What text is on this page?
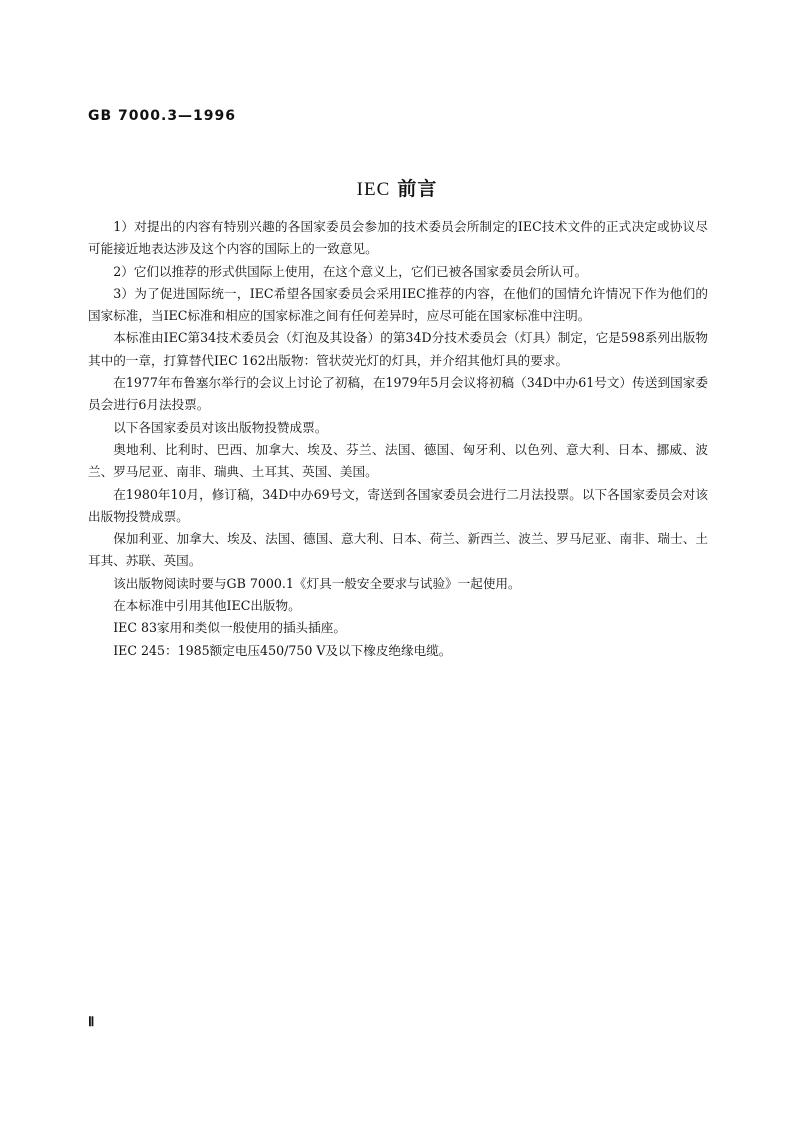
GB 7000.3—1996
IEC 前言

1）对提出的内容有特别兴趣的各国家委员会参加的技术委员会所制定的IEC技术文件的正式决定或协议尽可能接近地表达涉及这个内容的国际上的一致意见。

2）它们以推荐的形式供国际上使用，在这个意义上，它们已被各国家委员会所认可。

3）为了促进国际统一，IEC希望各国家委员会采用IEC推荐的内容，在他们的国情允许情况下作为他们的国家标准，当IEC标准和相应的国家标准之间有任何差异时，应尽可能在国家标准中注明。

本标准由IEC第34技术委员会（灯泡及其设备）的第34D分技术委员会（灯具）制定，它是598系列出版物其中的一章，打算替代IEC 162出版物：管状荧光灯的灯具，并介绍其他灯具的要求。

在1977年布鲁塞尔举行的会议上讨论了初稿，在1979年5月会议将初稿（34D中办61号文）传送到国家委员会进行6月法投票。

以下各国家委员对该出版物投赞成票。

奥地利、比利时、巴西、加拿大、埃及、芬兰、法国、德国、匈牙利、以色列、意大利、日本、挪威、波兰、罗马尼亚、南非、瑞典、土耳其、英国、美国。

在1980年10月，修订稿，34D中办69号文，寄送到各国家委员会进行二月法投票。以下各国家委员会对该出版物投赞成票。

保加利亚、加拿大、埃及、法国、德国、意大利、日本、荷兰、新西兰、波兰、罗马尼亚、南非、瑞士、土耳其、苏联、英国。

该出版物阅读时要与GB 7000.1《灯具一般安全要求与试验》一起使用。

在本标准中引用其他IEC出版物。

IEC 83家用和类似一般使用的插头插座。

IEC 245：1985额定电压450/750 V及以下橡皮绝缘电缆。

Ⅱ
